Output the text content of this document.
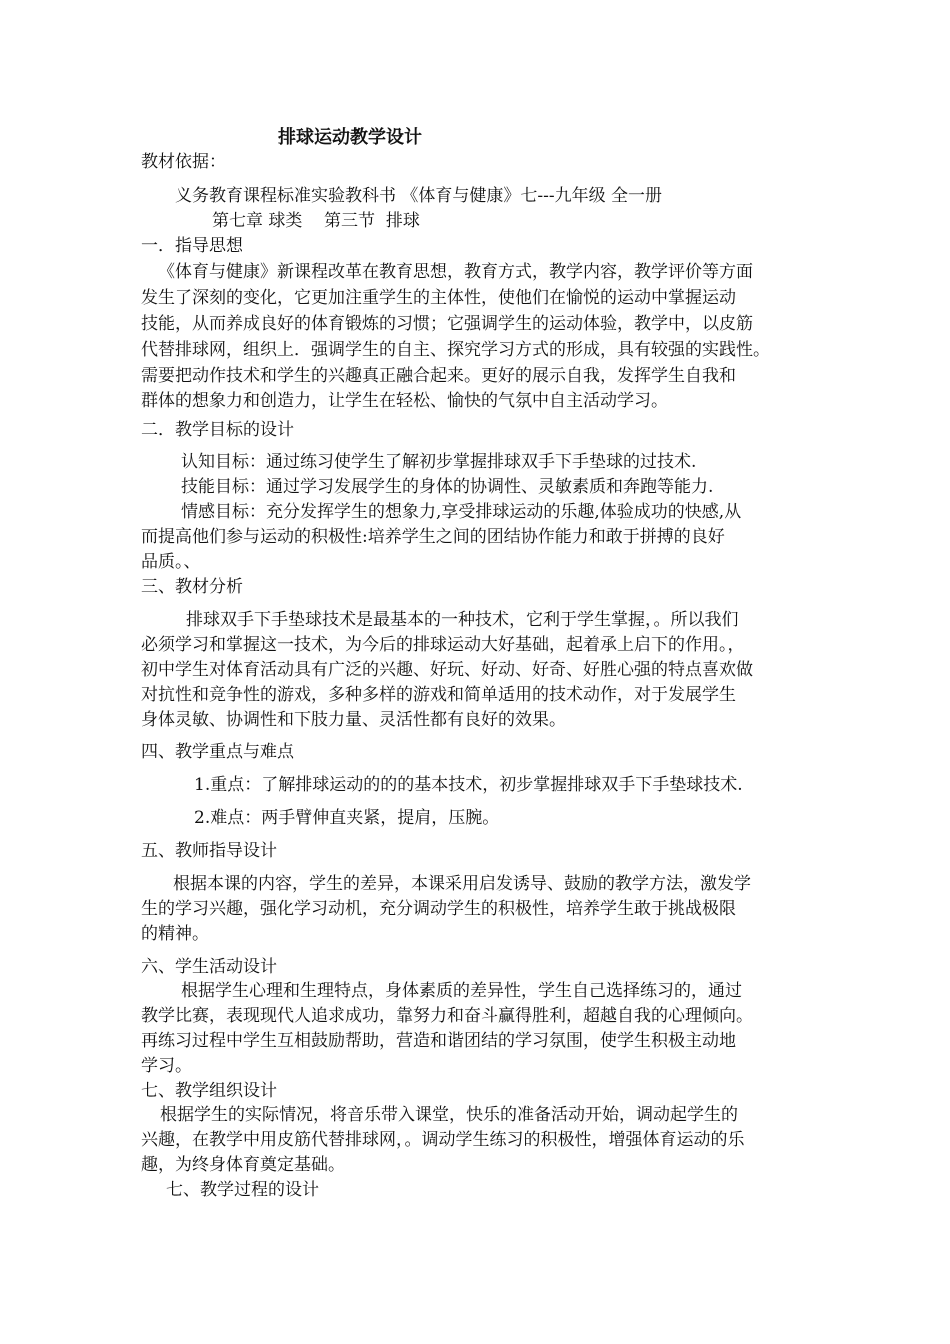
排球运动教学设计
教材依据：
义务教育课程标准实验教科书 《体育与健康》七---九年级 全一册
第七章 球类    第三节  排球
一．指导思想
《体育与健康》新课程改革在教育思想，教育方式，教学内容，教学评价等方面
发生了深刻的变化，它更加注重学生的主体性，使他们在愉悦的运动中掌握运动
技能，从而养成良好的体育锻炼的习惯；它强调学生的运动体验，教学中，以皮筋
代替排球网，组织上．强调学生的自主、探究学习方式的形成，具有较强的实践性。
需要把动作技术和学生的兴趣真正融合起来。更好的展示自我，发挥学生自我和
群体的想象力和创造力，让学生在轻松、愉快的气氛中自主活动学习。
二．教学目标的设计
认知目标：通过练习使学生了解初步掌握排球双手下手垫球的过技术.
技能目标：通过学习发展学生的身体的协调性、灵敏素质和奔跑等能力.
情感目标：充分发挥学生的想象力,享受排球运动的乐趣,体验成功的快感,从
而提高他们参与运动的积极性:培养学生之间的团结协作能力和敢于拼搏的良好
品质。、
三、教材分析
排球双手下手垫球技术是最基本的一种技术，它利于学生掌握，。所以我们
必须学习和掌握这一技术，为今后的排球运动大好基础，起着承上启下的作用。，
初中学生对体育活动具有广泛的兴趣、好玩、好动、好奇、好胜心强的特点喜欢做
对抗性和竞争性的游戏，多种多样的游戏和简单适用的技术动作，对于发展学生
身体灵敏、协调性和下肢力量、灵活性都有良好的效果。
四、教学重点与难点
1.重点：了解排球运动的的的基本技术，初步掌握排球双手下手垫球技术.
2.难点：两手臂伸直夹紧，提肩，压腕。
五、教师指导设计
根据本课的内容，学生的差异，本课采用启发诱导、鼓励的教学方法，激发学
生的学习兴趣，强化学习动机，充分调动学生的积极性，培养学生敢于挑战极限
的精神。
六、学生活动设计
根据学生心理和生理特点，身体素质的差异性，学生自己选择练习的，通过
教学比赛，表现现代人追求成功，靠努力和奋斗赢得胜利，超越自我的心理倾向。
再练习过程中学生互相鼓励帮助，营造和谐团结的学习氛围，使学生积极主动地
学习。
七、教学组织设计
根据学生的实际情况，将音乐带入课堂，快乐的准备活动开始，调动起学生的
兴趣，在教学中用皮筋代替排球网，。调动学生练习的积极性，增强体育运动的乐
趣，为终身体育奠定基础。
七、教学过程的设计
